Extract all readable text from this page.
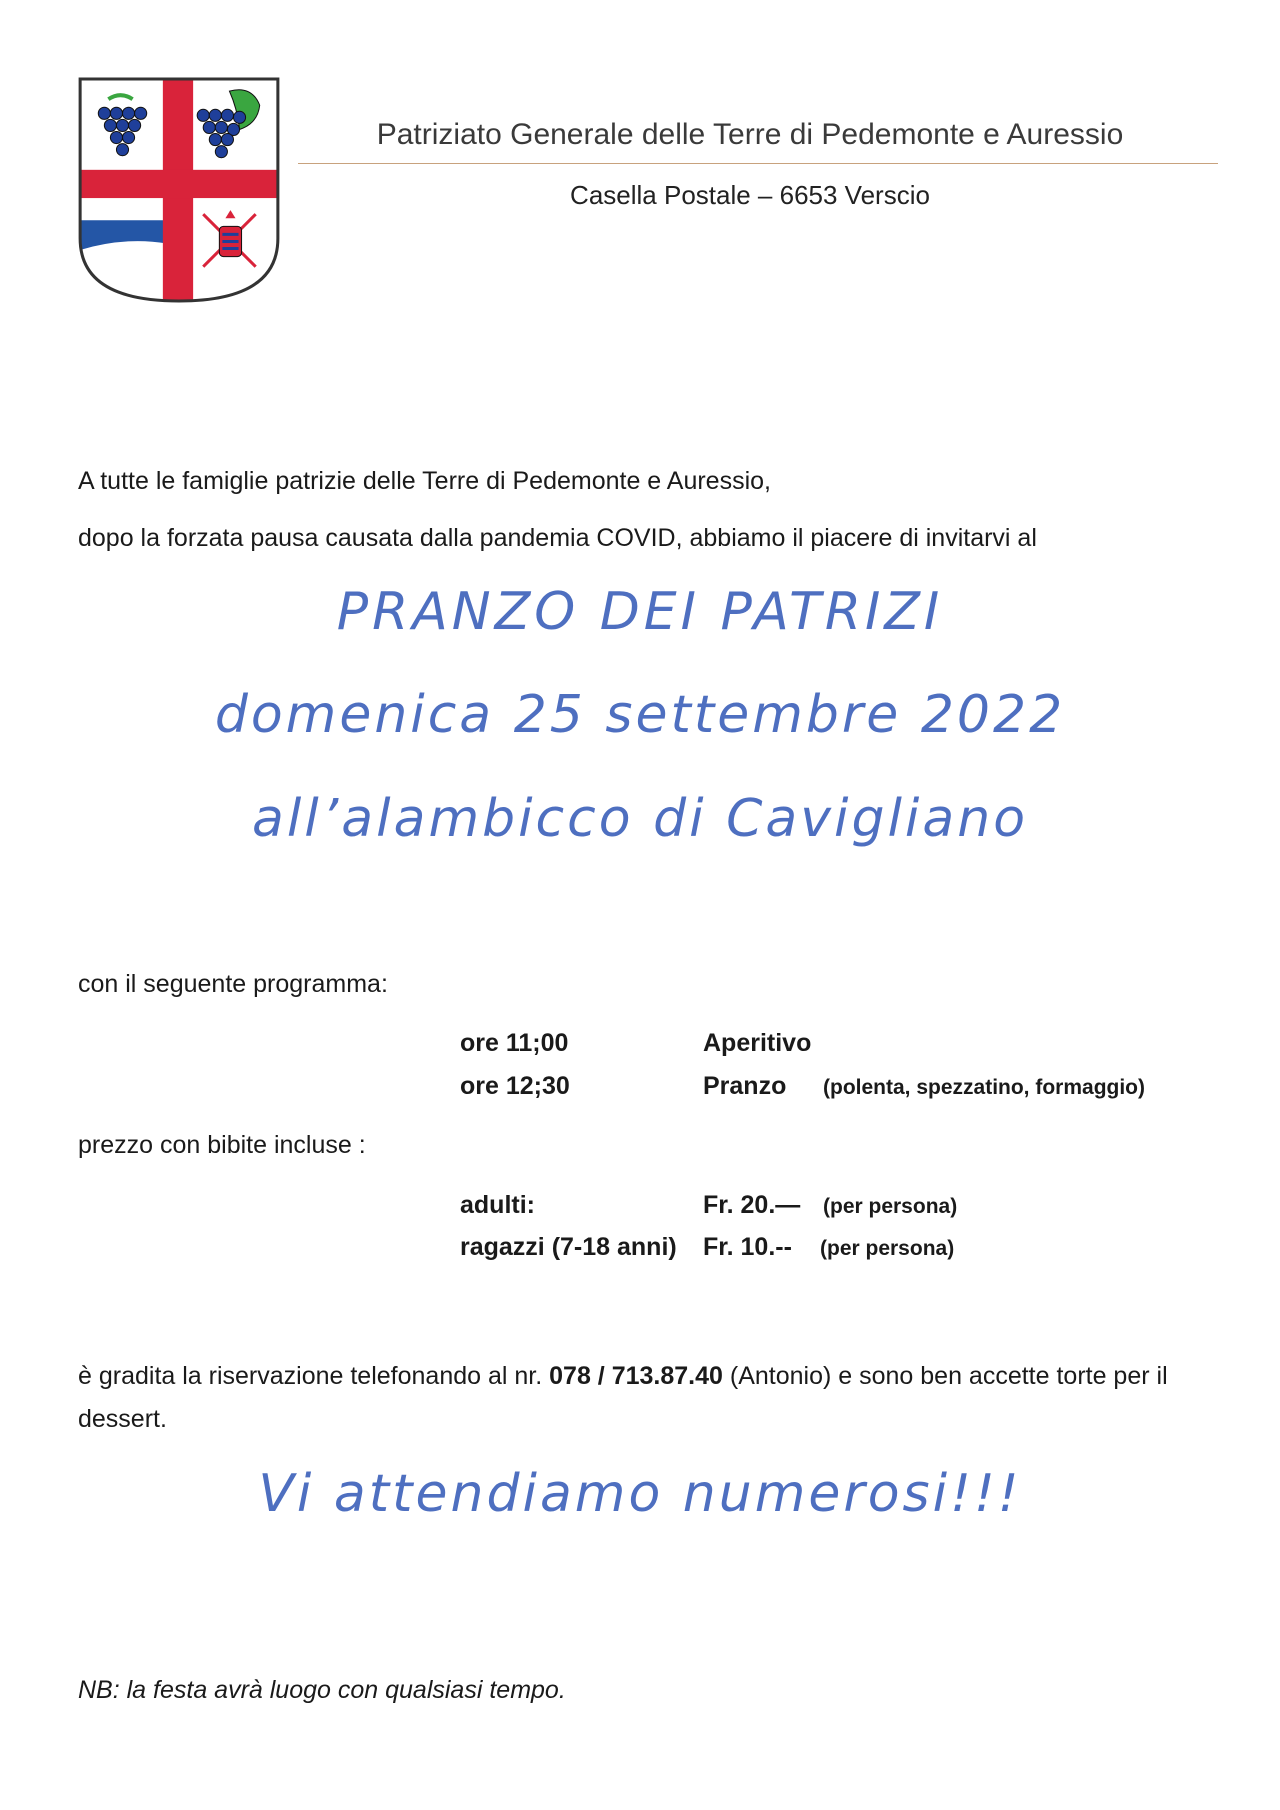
Patriziato Generale delle Terre di Pedemonte e Auressio
Casella Postale – 6653 Verscio
A tutte le famiglie patrizie delle Terre di Pedemonte e Auressio,
dopo la forzata pausa causata dalla pandemia COVID, abbiamo il piacere di invitarvi al
PRANZO DEI PATRIZI
domenica 25 settembre 2022
all’alambicco di Cavigliano
con il seguente programma:
ore 11;00	Aperitivo
ore 12;30	Pranzo (polenta, spezzatino, formaggio)
prezzo con bibite incluse :
adulti:	Fr. 20.— (per persona)
ragazzi (7-18 anni) Fr. 10.-- (per persona)
è gradita la riservazione telefonando al nr. 078 / 713.87.40 (Antonio) e sono ben accette torte per il dessert.
Vi attendiamo numerosi!!!
NB: la festa avrà luogo con qualsiasi tempo.
